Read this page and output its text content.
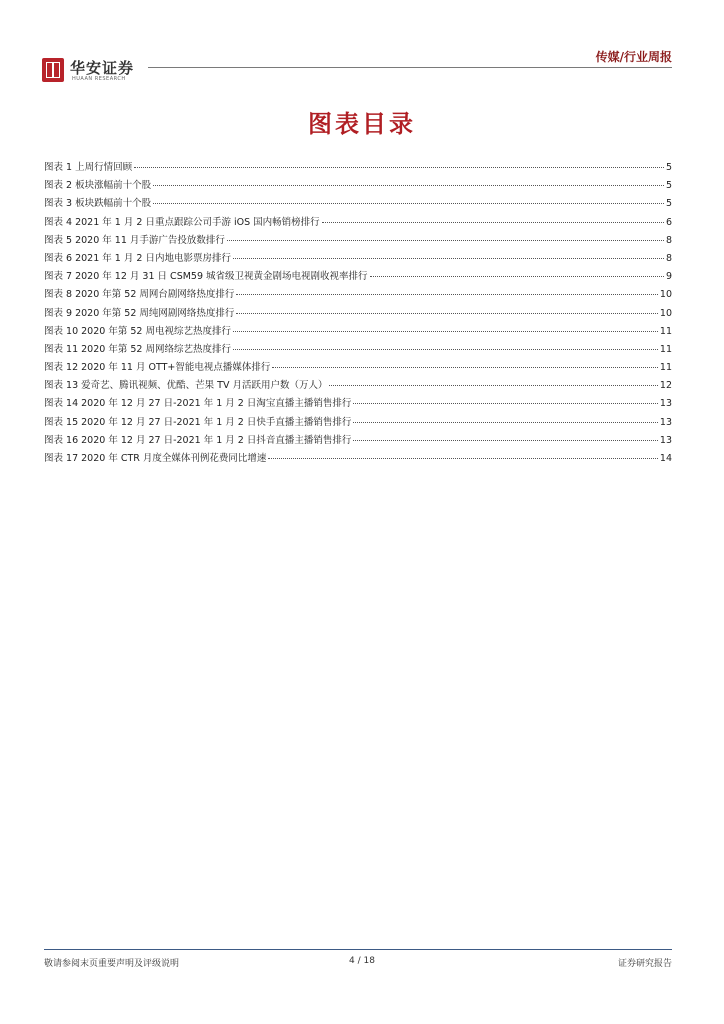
华安证券
HUAAN RESEARCH
传媒/行业周报
图表目录
图表 1 上周行情回顾	5
图表 2 板块涨幅前十个股	5
图表 3 板块跌幅前十个股	5
图表 4 2021 年 1 月 2 日重点跟踪公司手游 iOS 国内畅销榜排行	6
图表 5 2020 年 11 月手游广告投放数排行	8
图表 6 2021 年 1 月 2 日内地电影票房排行	8
图表 7 2020 年 12 月 31 日 CSM59 城省级卫视黄金剧场电视剧收视率排行	9
图表 8 2020 年第 52 周网台剧网络热度排行	10
图表 9 2020 年第 52 周纯网剧网络热度排行	10
图表 10 2020 年第 52 周电视综艺热度排行	11
图表 11 2020 年第 52 周网络综艺热度排行	11
图表 12 2020 年 11 月 OTT+智能电视点播媒体排行	11
图表 13 爱奇艺、腾讯视频、优酷、芒果 TV 月活跃用户数（万人）	12
图表 14 2020 年 12 月 27 日-2021 年 1 月 2 日淘宝直播主播销售排行	13
图表 15 2020 年 12 月 27 日-2021 年 1 月 2 日快手直播主播销售排行	13
图表 16 2020 年 12 月 27 日-2021 年 1 月 2 日抖音直播主播销售排行	13
图表 17 2020 年 CTR 月度全媒体刊例花费同比增速	14
敬请参阅末页重要声明及评级说明	4 / 18	证券研究报告
